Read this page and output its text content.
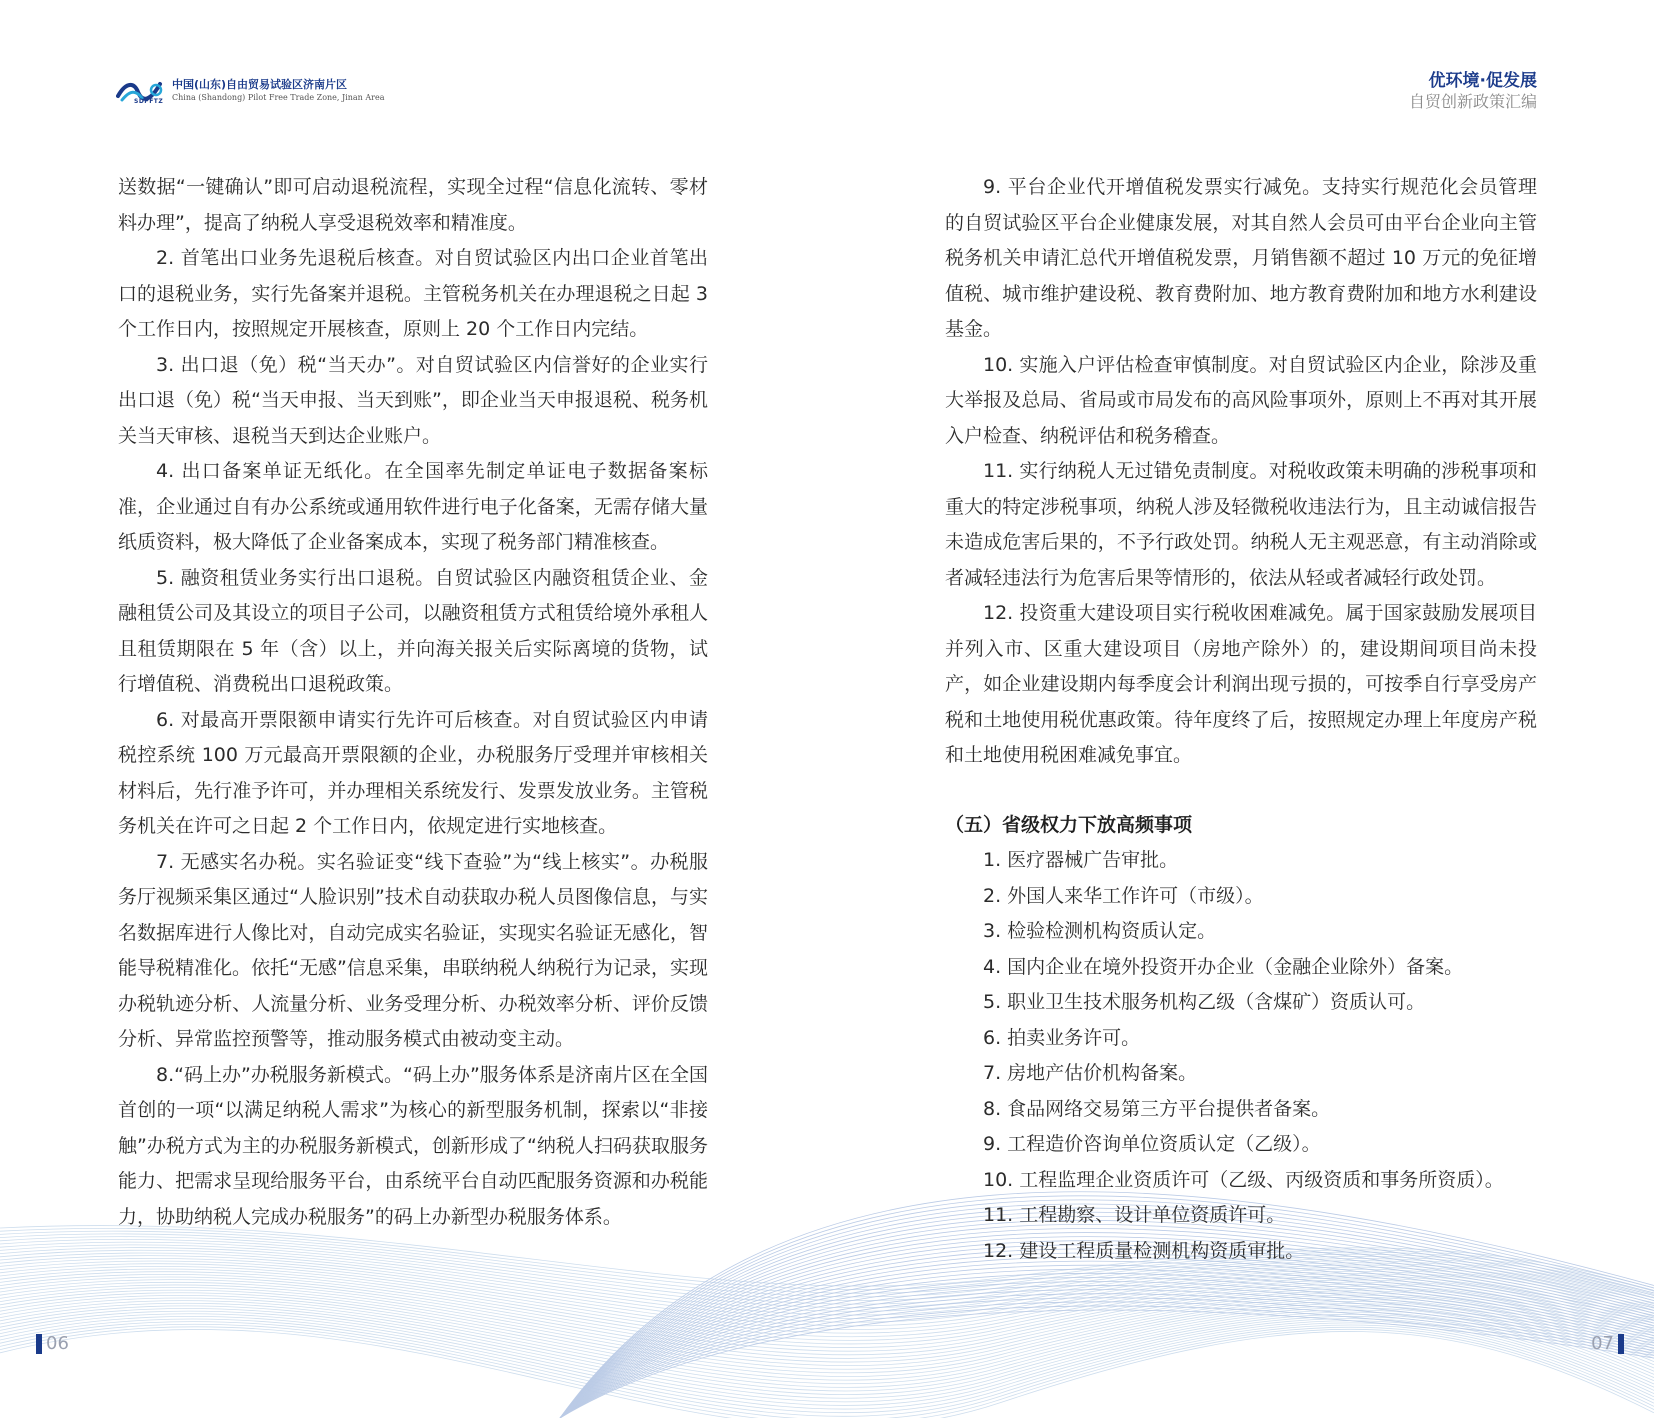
SDPFTZ
中国(山东)自由贸易试验区济南片区
China (Shandong) Pilot Free Trade Zone, Jinan Area
优环境·促发展
自贸创新政策汇编

送数据“一键确认”即可启动退税流程，实现全过程“信息化流转、零材料办理”，提高了纳税人享受退税效率和精准度。

2. 首笔出口业务先退税后核查。对自贸试验区内出口企业首笔出口的退税业务，实行先备案并退税。主管税务机关在办理退税之日起 3 个工作日内，按照规定开展核查，原则上 20 个工作日内完结。

3. 出口退（免）税“当天办”。对自贸试验区内信誉好的企业实行出口退（免）税“当天申报、当天到账”，即企业当天申报退税、税务机关当天审核、退税当天到达企业账户。

4. 出口备案单证无纸化。在全国率先制定单证电子数据备案标准，企业通过自有办公系统或通用软件进行电子化备案，无需存储大量纸质资料，极大降低了企业备案成本，实现了税务部门精准核查。

5. 融资租赁业务实行出口退税。自贸试验区内融资租赁企业、金融租赁公司及其设立的项目子公司，以融资租赁方式租赁给境外承租人且租赁期限在 5 年（含）以上，并向海关报关后实际离境的货物，试行增值税、消费税出口退税政策。

6. 对最高开票限额申请实行先许可后核查。对自贸试验区内申请税控系统 100 万元最高开票限额的企业，办税服务厅受理并审核相关材料后，先行准予许可，并办理相关系统发行、发票发放业务。主管税务机关在许可之日起 2 个工作日内，依规定进行实地核查。

7. 无感实名办税。实名验证变“线下查验”为“线上核实”。办税服务厅视频采集区通过“人脸识别”技术自动获取办税人员图像信息，与实名数据库进行人像比对，自动完成实名验证，实现实名验证无感化，智能导税精准化。依托“无感”信息采集，串联纳税人纳税行为记录，实现办税轨迹分析、人流量分析、业务受理分析、办税效率分析、评价反馈分析、异常监控预警等，推动服务模式由被动变主动。

8.“码上办”办税服务新模式。“码上办”服务体系是济南片区在全国首创的一项“以满足纳税人需求”为核心的新型服务机制，探索以“非接触”办税方式为主的办税服务新模式，创新形成了“纳税人扫码获取服务能力、把需求呈现给服务平台，由系统平台自动匹配服务资源和办税能力，协助纳税人完成办税服务”的码上办新型办税服务体系。

9. 平台企业代开增值税发票实行减免。支持实行规范化会员管理的自贸试验区平台企业健康发展，对其自然人会员可由平台企业向主管税务机关申请汇总代开增值税发票，月销售额不超过 10 万元的免征增值税、城市维护建设税、教育费附加、地方教育费附加和地方水利建设基金。

10. 实施入户评估检查审慎制度。对自贸试验区内企业，除涉及重大举报及总局、省局或市局发布的高风险事项外，原则上不再对其开展入户检查、纳税评估和税务稽查。

11. 实行纳税人无过错免责制度。对税收政策未明确的涉税事项和重大的特定涉税事项，纳税人涉及轻微税收违法行为，且主动诚信报告未造成危害后果的，不予行政处罚。纳税人无主观恶意，有主动消除或者减轻违法行为危害后果等情形的，依法从轻或者减轻行政处罚。

12. 投资重大建设项目实行税收困难减免。属于国家鼓励发展项目并列入市、区重大建设项目（房地产除外）的，建设期间项目尚未投产，如企业建设期内每季度会计利润出现亏损的，可按季自行享受房产税和土地使用税优惠政策。待年度终了后，按照规定办理上年度房产税和土地使用税困难减免事宜。

（五）省级权力下放高频事项

1. 医疗器械广告审批。

2. 外国人来华工作许可（市级）。

3. 检验检测机构资质认定。

4. 国内企业在境外投资开办企业（金融企业除外）备案。

5. 职业卫生技术服务机构乙级（含煤矿）资质认可。

6. 拍卖业务许可。

7. 房地产估价机构备案。

8. 食品网络交易第三方平台提供者备案。

9. 工程造价咨询单位资质认定（乙级）。

10. 工程监理企业资质许可（乙级、丙级资质和事务所资质）。

11. 工程勘察、设计单位资质许可。

12. 建设工程质量检测机构资质审批。

06	07
